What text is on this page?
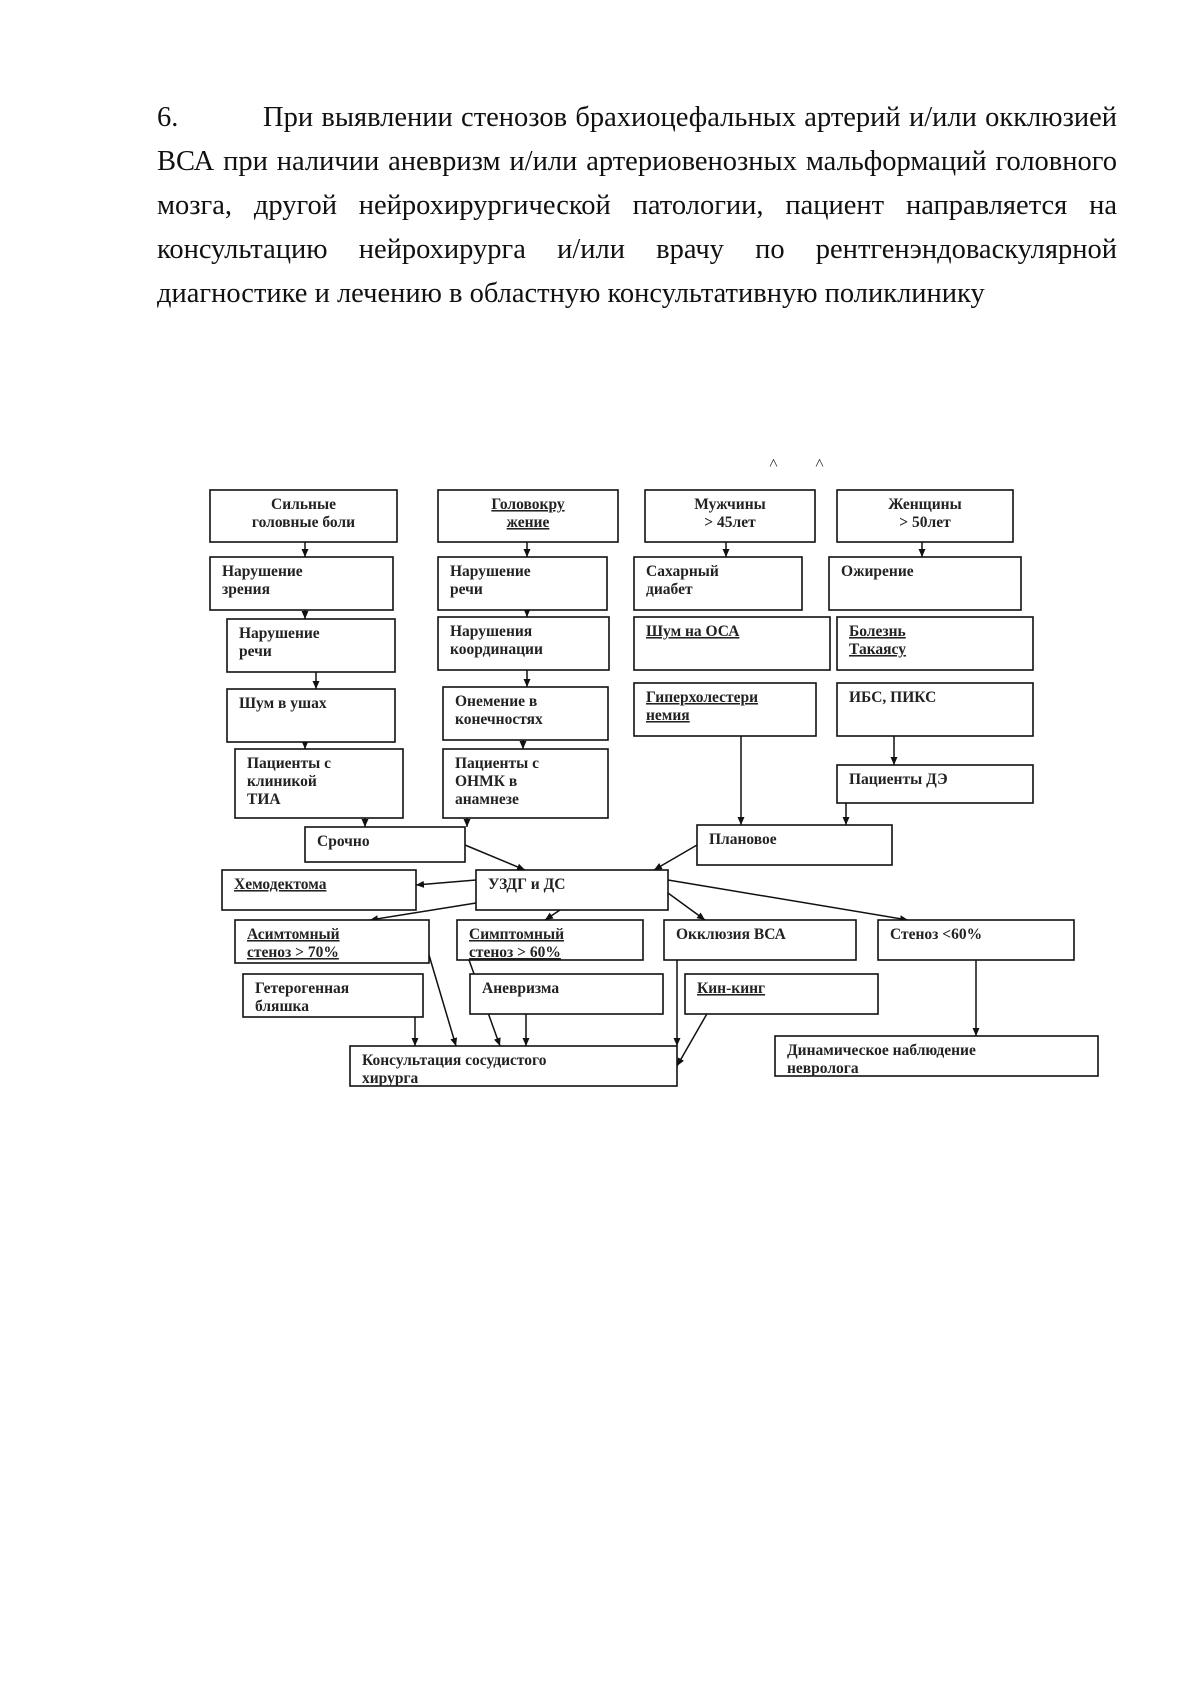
6.	При выявлении стенозов брахиоцефальных артерий и/или окклюзией ВСА при наличии аневризм и/или артериовенозных мальформаций головного мозга, другой нейрохирургической патологии, пациент направляется на консультацию нейрохирурга и/или врачу по рентгенэндоваскулярной диагностике и лечению в областную консультативную поликлинику
Сильные
головные боли
Головокру
жение
Мужчины
> 45лет
Женщины
> 50лет
Нарушение
зрения
Нарушение
речи
Сахарный
диабет
Ожирение
Нарушение
речи
Нарушения
координации
Шум на ОСА	Болезнь
Такаясу
Шум в ушах	Онемение в
конечностях
Гиперхолестери
немия
ИБС, ПИКС
Пациенты с
клиникой
ТИА
Пациенты с
ОНМК в
анамнезе
Пациенты ДЭ
Срочно	Плановое
Хемодектома	УЗДГ и ДС
Асимтомный
стеноз > 70%
Симптомный
стеноз > 60%
Окклюзия ВСА	Стеноз <60%
Гетерогенная
бляшка
Аневризма	Кин-кинг
Консультация сосудистого
хирурга
Динамическое наблюдение
невролога
˄ ˄
